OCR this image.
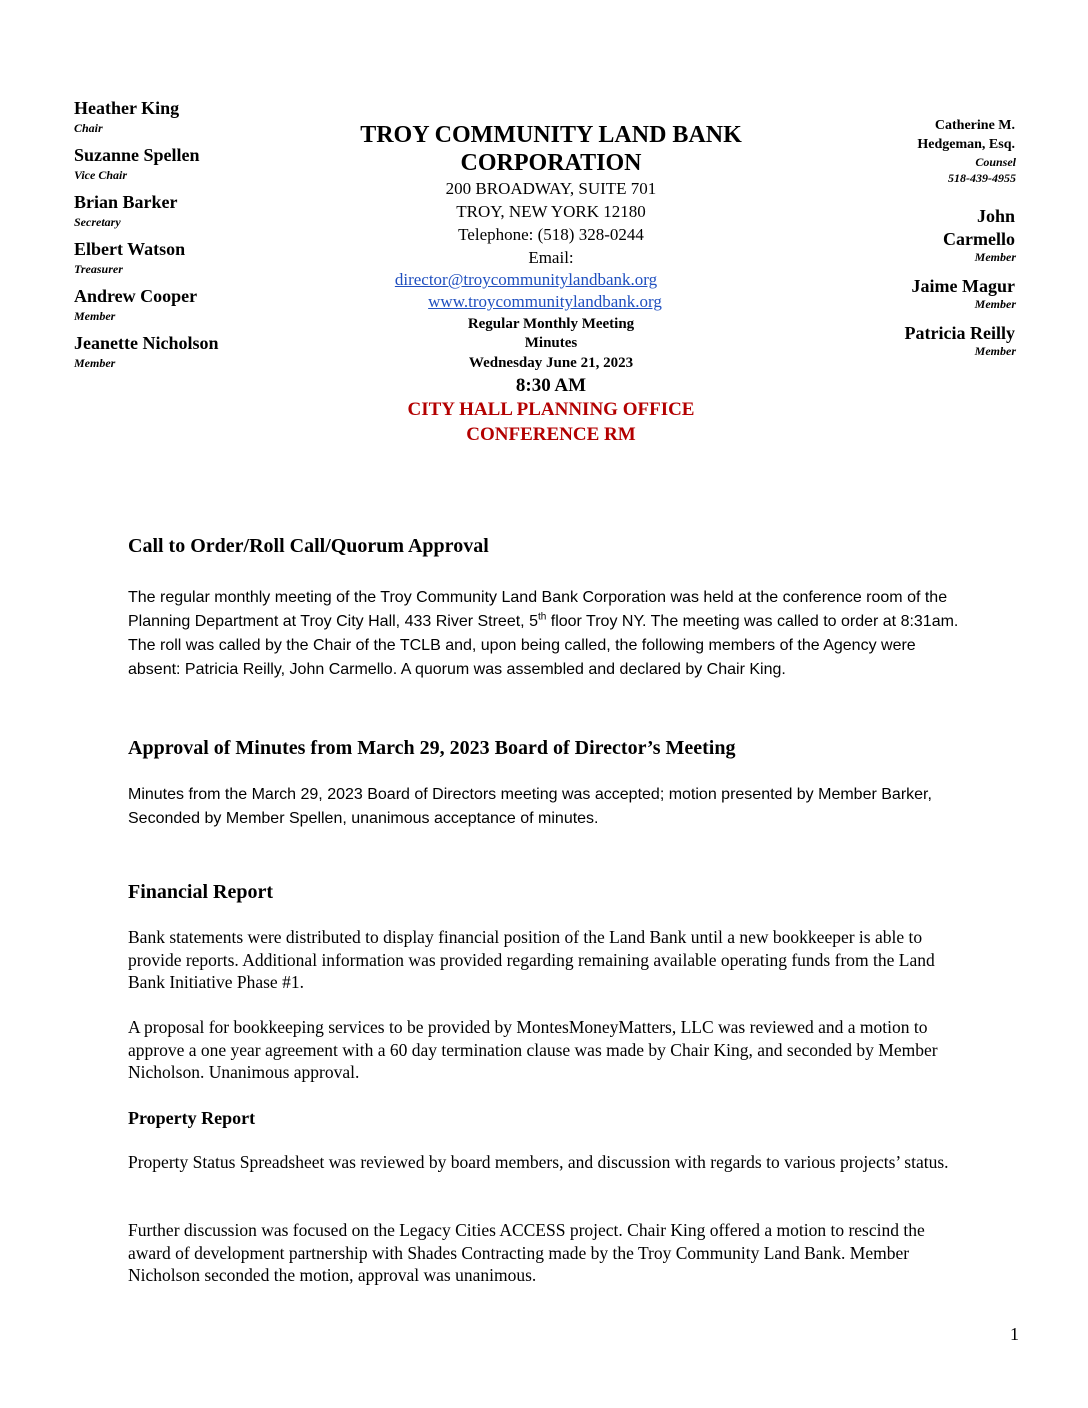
Heather King
Chair
Suzanne Spellen
Vice Chair
Brian Barker
Secretary
Elbert Watson
Treasurer
Andrew Cooper
Member
Jeanette Nicholson
Member
Catherine M.
Hedgeman, Esq.
Counsel
518-439-4955
John
Carmello
Member
Jaime Magur
Member
Patricia Reilly
Member
TROY COMMUNITY LAND BANK
CORPORATION
200 BROADWAY, SUITE 701
TROY, NEW YORK 12180
Telephone: (518) 328-0244
Email:
director@troycommunitylandbank.org
www.troycommunitylandbank.org
Regular Monthly Meeting
Minutes
Wednesday June 21, 2023
8:30 AM
CITY HALL PLANNING OFFICE
CONFERENCE RM
Call to Order/Roll Call/Quorum Approval
The regular monthly meeting of the Troy Community Land Bank Corporation was held at the conference room of the Planning Department at Troy City Hall, 433 River Street, 5th floor Troy NY. The meeting was called to order at 8:31am. The roll was called by the Chair of the TCLB and, upon being called, the following members of the Agency were absent: Patricia Reilly, John Carmello. A quorum was assembled and declared by Chair King.
Approval of Minutes from March 29, 2023 Board of Director’s Meeting
Minutes from the March 29, 2023 Board of Directors meeting was accepted; motion presented by Member Barker, Seconded by Member Spellen, unanimous acceptance of minutes.
Financial Report
Bank statements were distributed to display financial position of the Land Bank until a new bookkeeper is able to provide reports. Additional information was provided regarding remaining available operating funds from the Land Bank Initiative Phase #1.
A proposal for bookkeeping services to be provided by MontesMoneyMatters, LLC was reviewed and a motion to approve a one year agreement with a 60 day termination clause was made by Chair King, and seconded by Member Nicholson. Unanimous approval.
Property Report
Property Status Spreadsheet was reviewed by board members, and discussion with regards to various projects’ status.
Further discussion was focused on the Legacy Cities ACCESS project. Chair King offered a motion to rescind the award of development partnership with Shades Contracting made by the Troy Community Land Bank. Member Nicholson seconded the motion, approval was unanimous.
1
